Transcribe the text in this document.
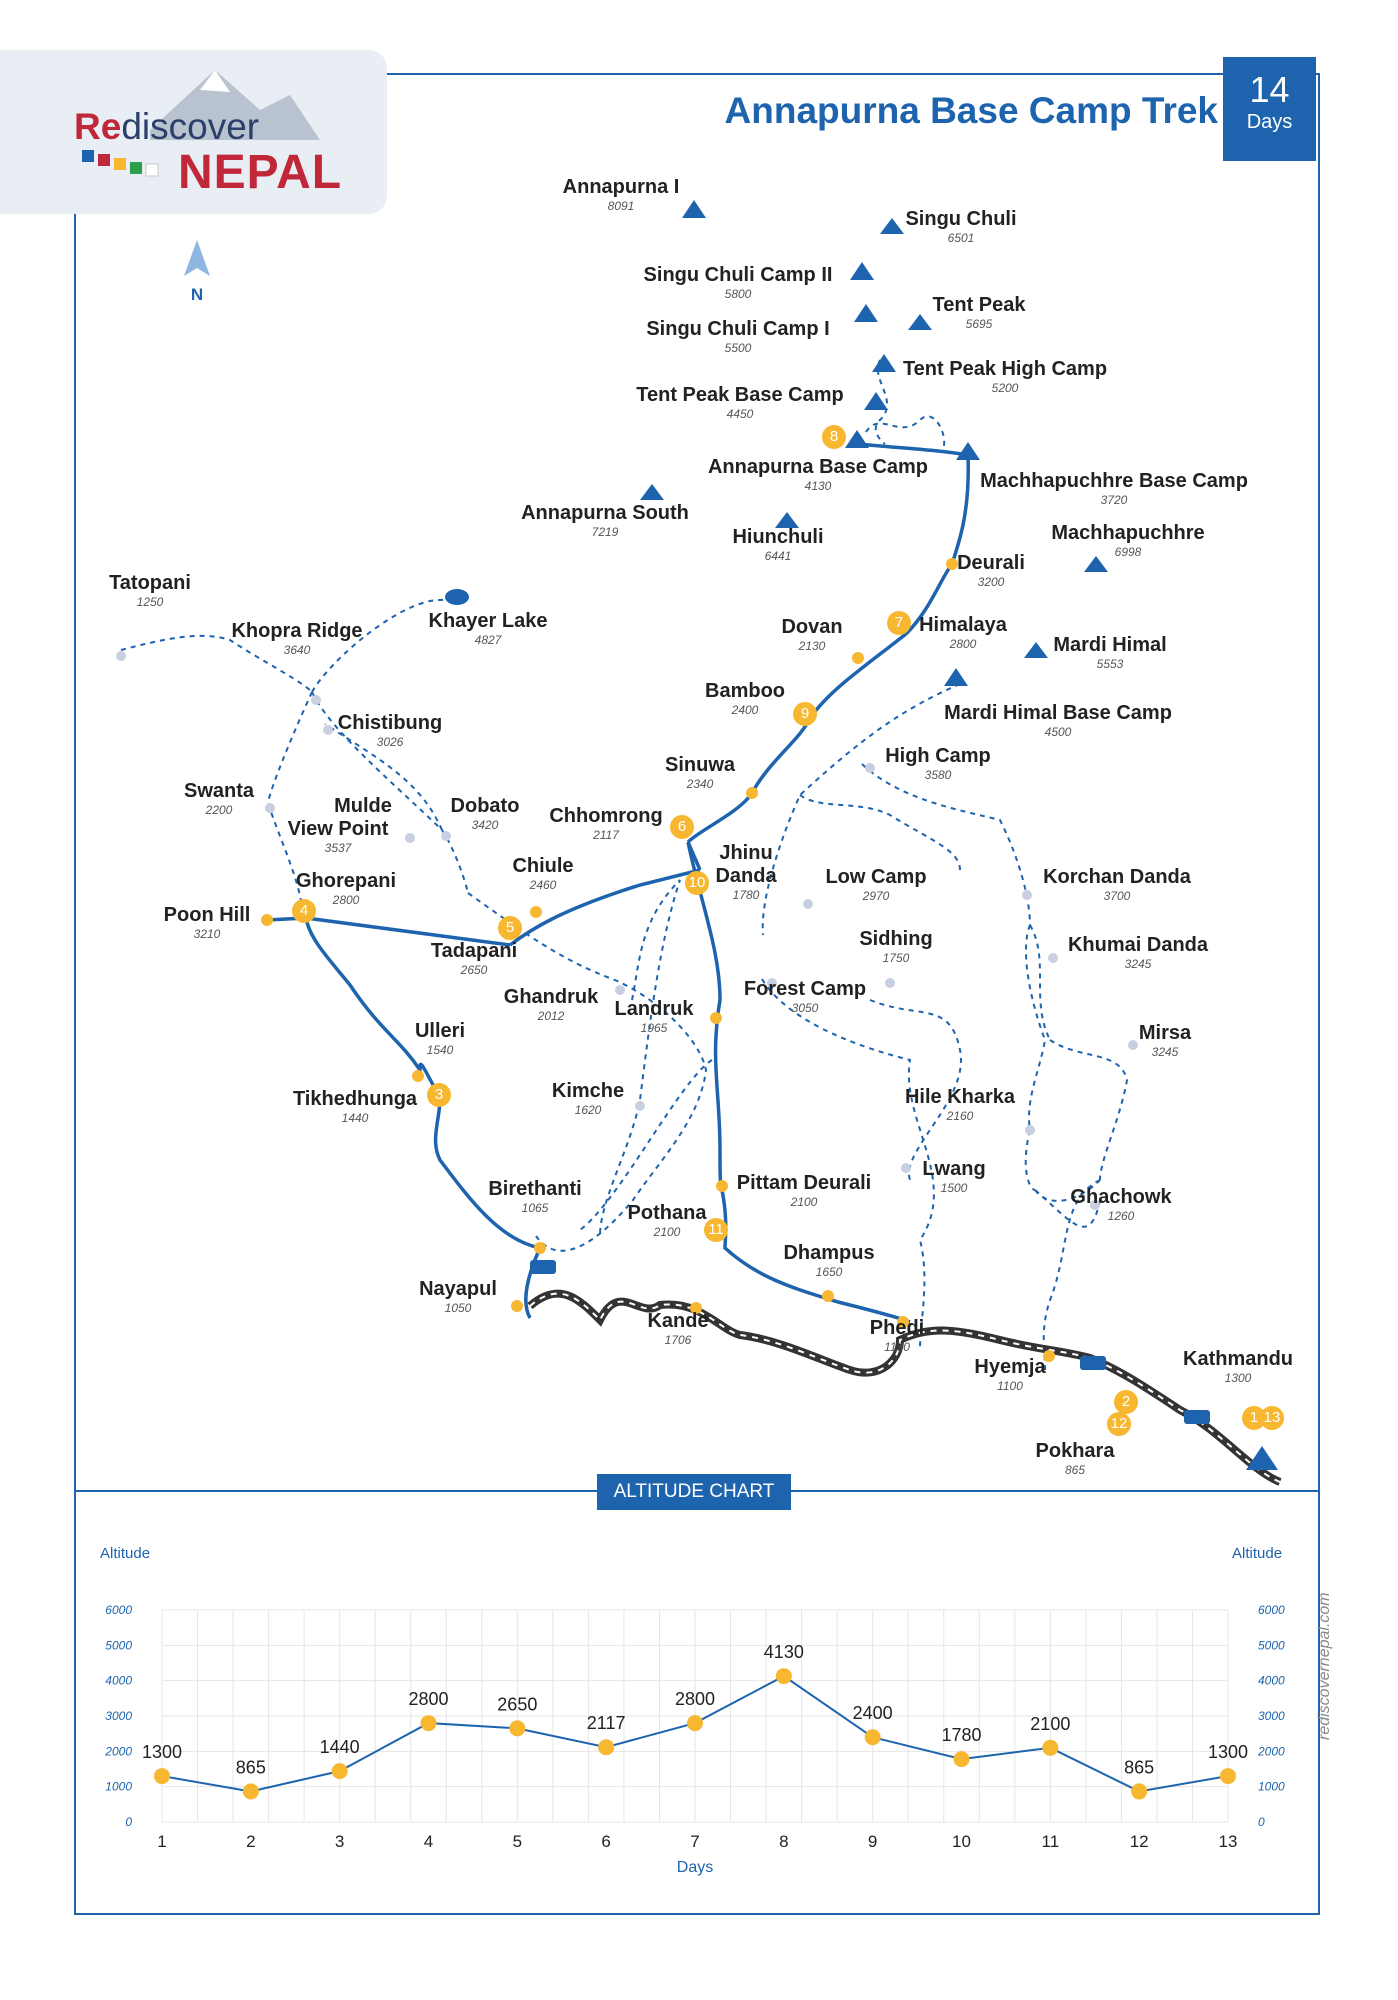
Rediscover
NEPAL
Annapurna Base Camp Trek
14
Days
N
2
3
4
5
6
7
8
9
10
11
12	1 13
Annapurna I
8091
Singu Chuli
6501
Singu Chuli Camp II
5800	Tent Peak
5695
Singu Chuli Camp I
5500
Tent Peak High Camp
5200
Tent Peak Base Camp
4450
Annapurna Base Camp
4130	Machhapuchhre Base Camp
3720
Annapurna South
7219	Hiunchuli
6441
Machhapuchhre
6998
Deurali
3200
Tatopani
1250
Khayer Lake
4827
Khopra Ridge
3640
Dovan
2130
Himalaya
2800	Mardi Himal
5553
Bamboo
2400	Mardi Himal Base Camp
4500
Chistibung
3026
High Camp
3580
Sinuwa
2340
Swanta
2200	Mulde
View Point
3537
Dobato
3420	Chhomrong
2117
Jhinu
Danda
1780
Chiule
2460
Ghorepani
2800
Low Camp
2970
Korchan Danda
3700
Poon Hill
3210
Tadapani
2650
Sidhing
1750
Khumai Danda
3245
Ghandruk
2012	Landruk
1965
Forest Camp
3050
Ulleri
1540
Mirsa
3245
Tikhedhunga
1440
Kimche
1620
Hile Kharka
2160
Lwang
1500
Birethanti
1065
Pittam Deurali
2100	Ghachowk
1260
Pothana
2100
Dhampus
1650
Nayapul
1050
Kande
1706
Phedi
1130
Kathmandu
1300
Hyemja
1100
Pokhara
865
ALTITUDE CHART
Altitude	Altitude
0	0
1000	1000
2000	2000
3000	3000
4000	4000
5000	5000
6000	6000
1300
1
865
2
1440
3
2800
4
2650
5
2117
6
2800
7
4130
8
2400
9
1780
10
2100
11
865
12
1300
13
Days
rediscovernepal.com
